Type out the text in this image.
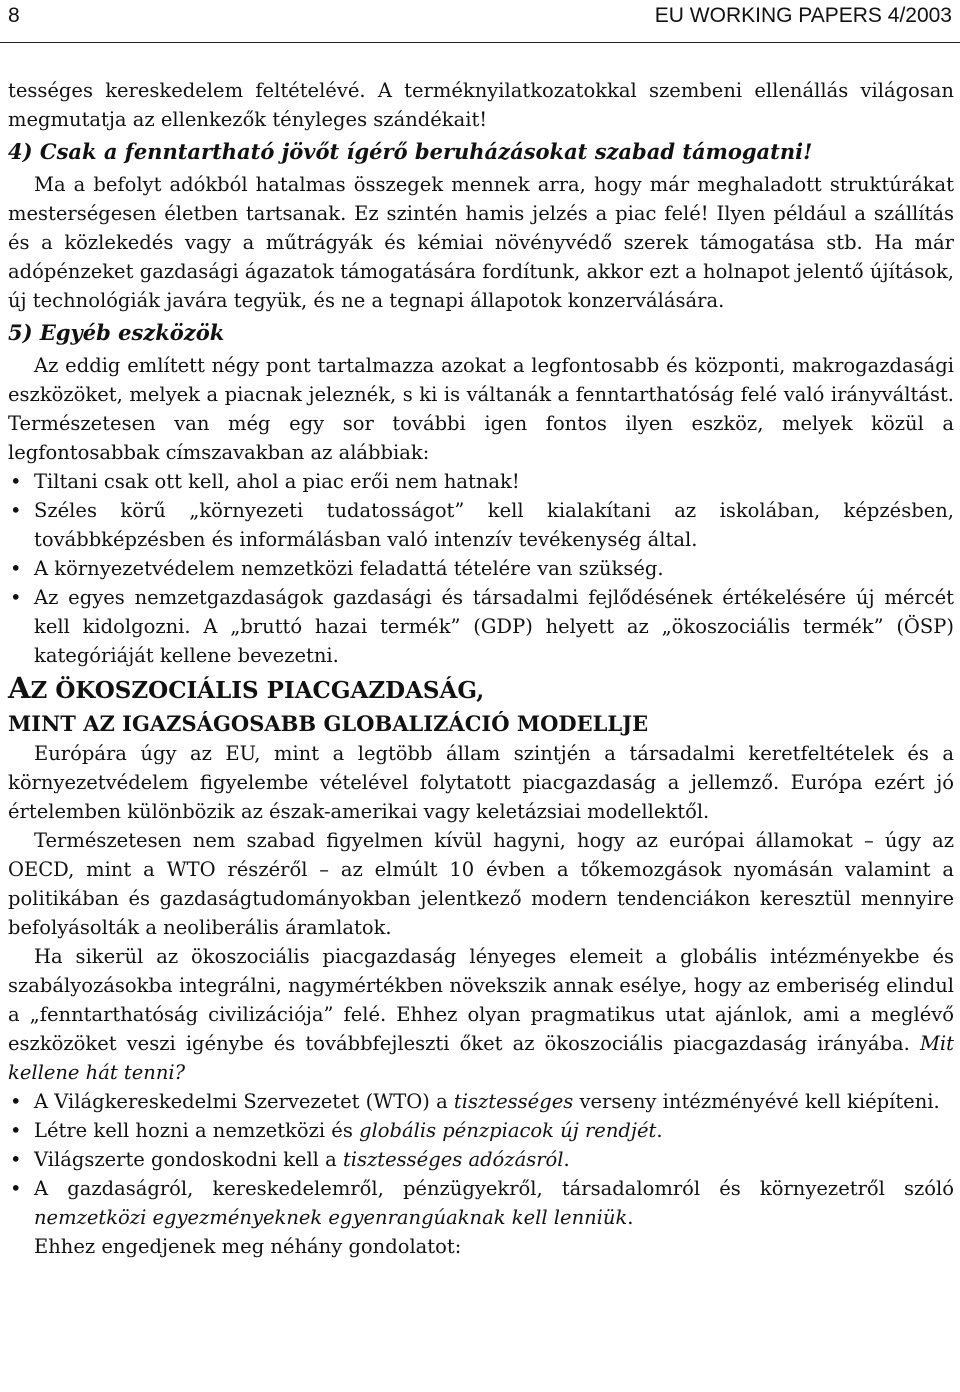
8	EU WORKING PAPERS 4/2003

tességes kereskedelem feltételévé. A terméknyilatkozatokkal szembeni ellenállás világosan megmutatja az ellenkezők tényleges szándékait!

4) Csak a fenntartható jövőt ígérő beruházásokat szabad támogatni!

Ma a befolyt adókból hatalmas összegek mennek arra, hogy már meghaladott struktúrákat mesterségesen életben tartsanak. Ez szintén hamis jelzés a piac felé! Ilyen például a szállítás és a közlekedés vagy a műtrágyák és kémiai növényvédő szerek támogatása stb. Ha már adópénzeket gazdasági ágazatok támogatására fordítunk, akkor ezt a holnapot jelentő újítások, új technológiák javára tegyük, és ne a tegnapi állapotok konzerválására.

5) Egyéb eszközök

Az eddig említett négy pont tartalmazza azokat a legfontosabb és központi, makrogazdasági eszközöket, melyek a piacnak jeleznék, s ki is váltanák a fenntarthatóság felé való irányváltást. Természetesen van még egy sor további igen fontos ilyen eszköz, melyek közül a legfontosabbak címszavakban az alábbiak:

• Tiltani csak ott kell, ahol a piac erői nem hatnak!
• Széles körű „környezeti tudatosságot” kell kialakítani az iskolában, képzésben, továbbképzésben és informálásban való intenzív tevékenység által.
• A környezetvédelem nemzetközi feladattá tételére van szükség.
• Az egyes nemzetgazdaságok gazdasági és társadalmi fejlődésének értékelésére új mércét kell kidolgozni. A „bruttó hazai termék” (GDP) helyett az „ökoszociális termék” (ÖSP) kategóriáját kellene bevezetni.

AZ ÖKOSZOCIÁLIS PIACGAZDASÁG,

MINT AZ IGAZSÁGOSABB GLOBALIZÁCIÓ MODELLJE

Európára úgy az EU, mint a legtöbb állam szintjén a társadalmi keretfeltételek és a környezetvédelem figyelembe vételével folytatott piacgazdaság a jellemző. Európa ezért jó értelemben különbözik az észak-amerikai vagy keletázsiai modellektől.

Természetesen nem szabad figyelmen kívül hagyni, hogy az európai államokat – úgy az OECD, mint a WTO részéről – az elmúlt 10 évben a tőkemozgások nyomásán valamint a politikában és gazdaságtudományokban jelentkező modern tendenciákon keresztül mennyire befolyásolták a neoliberális áramlatok.

Ha sikerül az ökoszociális piacgazdaság lényeges elemeit a globális intézményekbe és szabályozásokba integrálni, nagymértékben növekszik annak esélye, hogy az emberiség elindul a „fenntarthatóság civilizációja” felé. Ehhez olyan pragmatikus utat ajánlok, ami a meglévő eszközöket veszi igénybe és továbbfejleszti őket az ökoszociális piacgazdaság irányába. Mit kellene hát tenni?

• A Világkereskedelmi Szervezetet (WTO) a tisztességes verseny intézményévé kell kiépíteni.
• Létre kell hozni a nemzetközi és globális pénzpiacok új rendjét.
• Világszerte gondoskodni kell a tisztességes adózásról.
• A gazdaságról, kereskedelemről, pénzügyekről, társadalomról és környezetről szóló nemzetközi egyezményeknek egyenrangúaknak kell lenniük.

Ehhez engedjenek meg néhány gondolatot:
